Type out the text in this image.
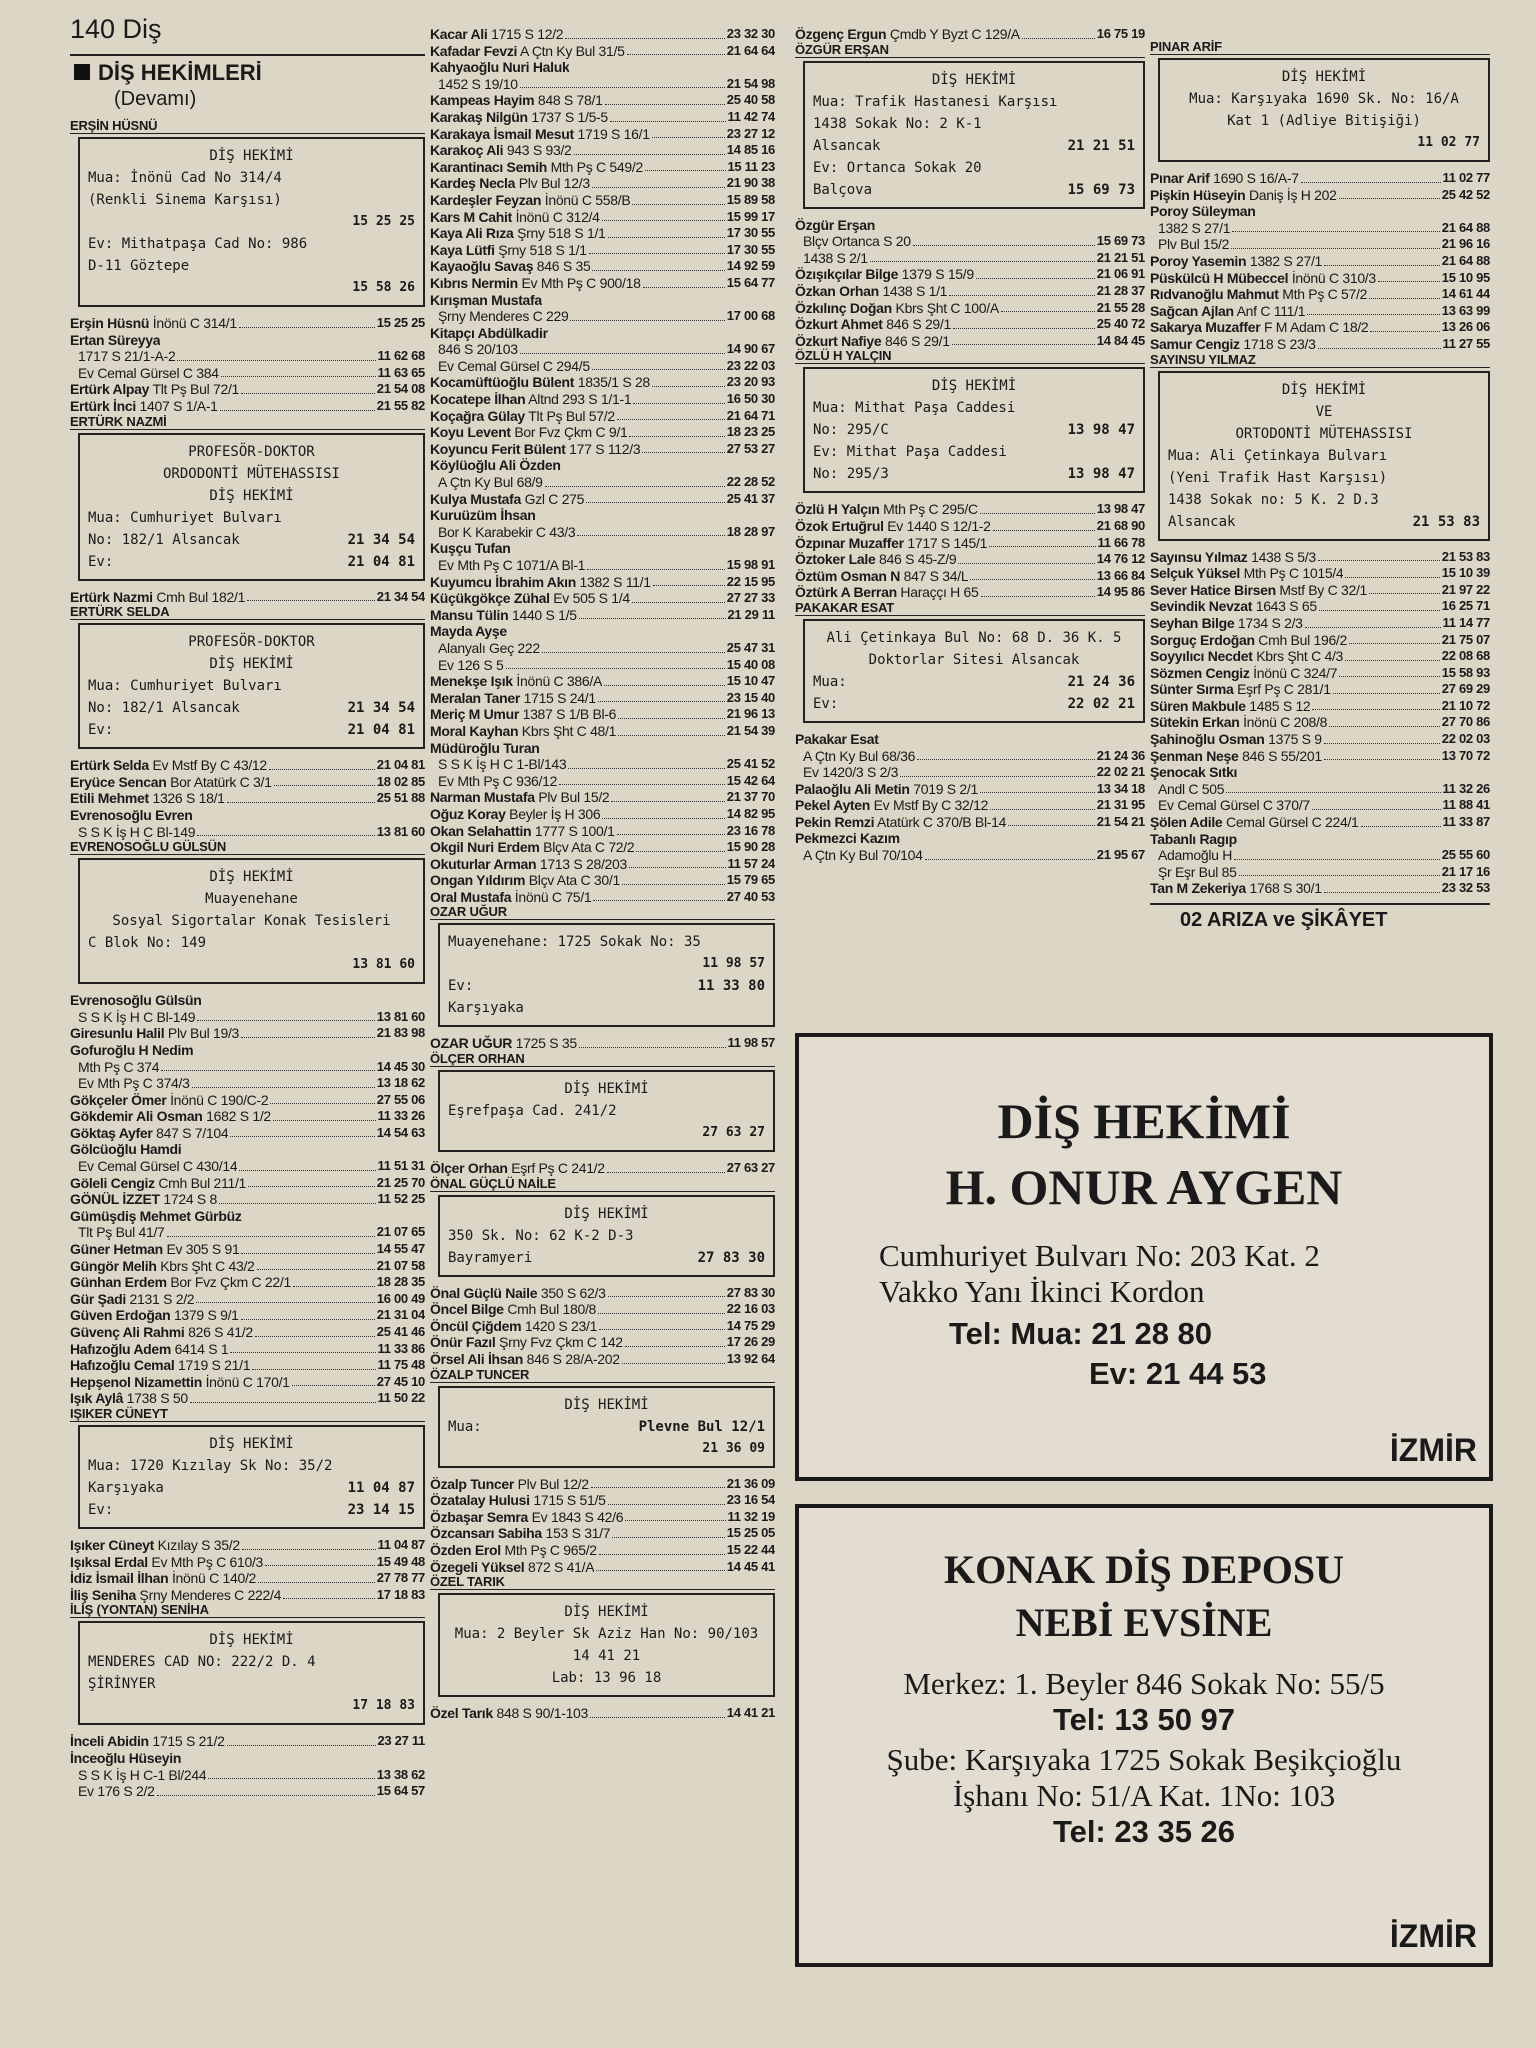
140 Diş
DİŞ HEKİMLERİ
(Devamı)
ERŞİN HÜSNÜ
DİŞ HEKİMİ
Mua: İnönü Cad No 314/4
(Renkli Sinema Karşısı)
15 25 25
Ev: Mithatpaşa Cad No: 986
D-11 Göztepe
15 58 26
Erşin Hüsnü İnönü C 314/1	15 25 25
Ertan Süreyya
1717 S 21/1-A-2	11 62 68
Ev Cemal Gürsel C 384	11 63 65
Ertürk Alpay Tlt Pş Bul 72/1	21 54 08
Ertürk İnci 1407 S 1/A-1	21 55 82
ERTÜRK NAZMİ
PROFESÖR-DOKTOR
ORDODONTİ MÜTEHASSISI
DİŞ HEKİMİ
Mua: Cumhuriyet Bulvarı
No: 182/1 Alsancak	21 34 54
Ev:	21 04 81
Ertürk Nazmi Cmh Bul 182/1	21 34 54
ERTÜRK SELDA
PROFESÖR-DOKTOR
DİŞ HEKİMİ
Mua: Cumhuriyet Bulvarı
No: 182/1 Alsancak	21 34 54
Ev:	21 04 81
Ertürk Selda Ev Mstf By C 43/12	21 04 81
Eryüce Sencan Bor Atatürk C 3/1	18 02 85
Etili Mehmet 1326 S 18/1	25 51 88
Evrenosoğlu Evren
S S K İş H C Bl-149	13 81 60
EVRENOSOĞLU GÜLSÜN
DİŞ HEKİMİ
Muayenehane
Sosyal Sigortalar Konak Tesisleri
C Blok No: 149
13 81 60
Evrenosoğlu Gülsün
S S K İş H C Bl-149	13 81 60
Giresunlu Halil Plv Bul 19/3	21 83 98
Gofuroğlu H Nedim
Mth Pş C 374	14 45 30
Ev Mth Pş C 374/3	13 18 62
Gökçeler Ömer İnönü C 190/C-2	27 55 06
Gökdemir Ali Osman 1682 S 1/2	11 33 26
Göktaş Ayfer 847 S 7/104	14 54 63
Gölcüoğlu Hamdi
Ev Cemal Gürsel C 430/14	11 51 31
Göleli Cengiz Cmh Bul 211/1	21 25 70
GÖNÜL İZZET 1724 S 8	11 52 25
Gümüşdiş Mehmet Gürbüz
Tlt Pş Bul 41/7	21 07 65
Güner Hetman Ev 305 S 91	14 55 47
Güngör Melih Kbrs Şht C 43/2	21 07 58
Günhan Erdem Bor Fvz Çkm C 22/1	18 28 35
Gür Şadi 2131 S 2/2	16 00 49
Güven Erdoğan 1379 S 9/1	21 31 04
Güvenç Ali Rahmi 826 S 41/2	25 41 46
Hafızoğlu Adem 6414 S 1	11 33 86
Hafızoğlu Cemal 1719 S 21/1	11 75 48
Hepşenol Nizamettin İnönü C 170/1	27 45 10
Işık Aylâ 1738 S 50	11 50 22
IŞIKER CÜNEYT
DİŞ HEKİMİ
Mua: 1720 Kızılay Sk No: 35/2
Karşıyaka	11 04 87
Ev:	23 14 15
Işıker Cüneyt Kızılay S 35/2	11 04 87
Işıksal Erdal Ev Mth Pş C 610/3	15 49 48
İdiz İsmail İlhan İnönü C 140/2	27 78 77
İliş Seniha Şrny Menderes C 222/4	17 18 83
İLİŞ (YONTAN) SENİHA
DİŞ HEKİMİ
MENDERES CAD NO: 222/2 D. 4
ŞİRİNYER
17 18 83
İnceli Abidin 1715 S 21/2	23 27 11
İnceoğlu Hüseyin
S S K İş H C-1 Bl/244	13 38 62
Ev 176 S 2/2	15 64 57
Kacar Ali 1715 S 12/2	23 32 30
Kafadar Fevzi A Çtn Ky Bul 31/5	21 64 64
Kahyaoğlu Nuri Haluk
1452 S 19/10	21 54 98
Kampeas Hayim 848 S 78/1	25 40 58
Karakaş Nilgün 1737 S 1/5-5	11 42 74
Karakaya İsmail Mesut 1719 S 16/1	23 27 12
Karakoç Ali 943 S 93/2	14 85 16
Karantinacı Semih Mth Pş C 549/2	15 11 23
Kardeş Necla Plv Bul 12/3	21 90 38
Kardeşler Feyzan İnönü C 558/B	15 89 58
Kars M Cahit İnönü C 312/4	15 99 17
Kaya Ali Rıza Şrny 518 S 1/1	17 30 55
Kaya Lütfi Şrny 518 S 1/1	17 30 55
Kayaoğlu Savaş 846 S 35	14 92 59
Kıbrıs Nermin Ev Mth Pş C 900/18	15 64 77
Kırışman Mustafa
Şrny Menderes C 229	17 00 68
Kitapçı Abdülkadir
846 S 20/103	14 90 67
Ev Cemal Gürsel C 294/5	23 22 03
Kocamüftüoğlu Bülent 1835/1 S 28	23 20 93
Kocatepe İlhan Altnd 293 S 1/1-1	16 50 30
Koçağra Gülay Tlt Pş Bul 57/2	21 64 71
Koyu Levent Bor Fvz Çkm C 9/1	18 23 25
Koyuncu Ferit Bülent 177 S 112/3	27 53 27
Köylüoğlu Ali Özden
A Çtn Ky Bul 68/9	22 28 52
Kulya Mustafa Gzl C 275	25 41 37
Kuruüzüm İhsan
Bor K Karabekir C 43/3	18 28 97
Kuşçu Tufan
Ev Mth Pş C 1071/A Bl-1	15 98 91
Kuyumcu İbrahim Akın 1382 S 11/1	22 15 95
Küçükgökçe Zühal Ev 505 S 1/4	27 27 33
Mansu Tülin 1440 S 1/5	21 29 11
Mayda Ayşe
Alanyalı Geç 222	25 47 31
Ev 126 S 5	15 40 08
Menekşe Işık İnönü C 386/A	15 10 47
Meralan Taner 1715 S 24/1	23 15 40
Meriç M Umur 1387 S 1/B Bl-6	21 96 13
Moral Kayhan Kbrs Şht C 48/1	21 54 39
Müdüroğlu Turan
S S K İş H C 1-Bl/143	25 41 52
Ev Mth Pş C 936/12	15 42 64
Narman Mustafa Plv Bul 15/2	21 37 70
Oğuz Koray Beyler İş H 306	14 82 95
Okan Selahattin 1777 S 100/1	23 16 78
Okgil Nuri Erdem Blçv Ata C 72/2	15 90 28
Okuturlar Arman 1713 S 28/203	11 57 24
Ongan Yıldırım Blçv Ata C 30/1	15 79 65
Oral Mustafa İnönü C 75/1	27 40 53
OZAR UĞUR
Muayenehane: 1725 Sokak No: 35
11 98 57
Ev:	11 33 80
Karşıyaka
OZAR UĞUR 1725 S 35	11 98 57
ÖLÇER ORHAN
DİŞ HEKİMİ
Eşrefpaşa Cad. 241/2
27 63 27
Ölçer Orhan Eşrf Pş C 241/2	27 63 27
ÖNAL GÜÇLÜ NAİLE
DİŞ HEKİMİ
350 Sk. No: 62 K-2 D-3
Bayramyeri	27 83 30
Önal Güçlü Naile 350 S 62/3	27 83 30
Öncel Bilge Cmh Bul 180/8	22 16 03
Öncül Çiğdem 1420 S 23/1	14 75 29
Önür Fazıl Şrny Fvz Çkm C 142	17 26 29
Örsel Ali İhsan 846 S 28/A-202	13 92 64
ÖZALP TUNCER
DİŞ HEKİMİ
Mua:	Plevne Bul 12/1
21 36 09
Özalp Tuncer Plv Bul 12/2	21 36 09
Özatalay Hulusi 1715 S 51/5	23 16 54
Özbaşar Semra Ev 1843 S 42/6	11 32 19
Özcansarı Sabiha 153 S 31/7	15 25 05
Özden Erol Mth Pş C 965/2	15 22 44
Özegeli Yüksel 872 S 41/A	14 45 41
ÖZEL TARIK
DİŞ HEKİMİ
Mua: 2 Beyler Sk Aziz Han No: 90/103
14 41 21
Lab: 13 96 18
Özel Tarık 848 S 90/1-103	14 41 21
Özgenç Ergun Çmdb Y Byzt C 129/A	16 75 19
ÖZGÜR ERŞAN
DİŞ HEKİMİ
Mua: Trafik Hastanesi Karşısı
1438 Sokak No: 2 K-1
Alsancak	21 21 51
Ev: Ortanca Sokak 20
Balçova	15 69 73
Özgür Erşan
Blçv Ortanca S 20	15 69 73
1438 S 2/1	21 21 51
Özışıkçılar Bilge 1379 S 15/9	21 06 91
Özkan Orhan 1438 S 1/1	21 28 37
Özkılınç Doğan Kbrs Şht C 100/A	21 55 28
Özkurt Ahmet 846 S 29/1	25 40 72
Özkurt Nafiye 846 S 29/1	14 84 45
ÖZLÜ H YALÇIN
DİŞ HEKİMİ
Mua: Mithat Paşa Caddesi
No: 295/C	13 98 47
Ev: Mithat Paşa Caddesi
No: 295/3	13 98 47
Özlü H Yalçın Mth Pş C 295/C	13 98 47
Özok Ertuğrul Ev 1440 S 12/1-2	21 68 90
Özpınar Muzaffer 1717 S 145/1	11 66 78
Öztoker Lale 846 S 45-Z/9	14 76 12
Öztüm Osman N 847 S 34/L	13 66 84
Öztürk A Berran Haraççı H 65	14 95 86
PAKAKAR ESAT
Ali Çetinkaya Bul No: 68 D. 36 K. 5
Doktorlar Sitesi Alsancak
Mua:	21 24 36
Ev:	22 02 21
Pakakar Esat
A Çtn Ky Bul 68/36	21 24 36
Ev 1420/3 S 2/3	22 02 21
Palaoğlu Ali Metin 7019 S 2/1	13 34 18
Pekel Ayten Ev Mstf By C 32/12	21 31 95
Pekin Remzi Atatürk C 370/B Bl-14	21 54 21
Pekmezci Kazım
A Çtn Ky Bul 70/104	21 95 67
PINAR ARİF
DİŞ HEKİMİ
Mua: Karşıyaka 1690 Sk. No: 16/A
Kat 1 (Adliye Bitişiği)
11 02 77
Pınar Arif 1690 S 16/A-7	11 02 77
Pişkin Hüseyin Daniş İş H 202	25 42 52
Poroy Süleyman
1382 S 27/1	21 64 88
Plv Bul 15/2	21 96 16
Poroy Yasemin 1382 S 27/1	21 64 88
Püskülcü H Mübeccel İnönü C 310/3	15 10 95
Rıdvanoğlu Mahmut Mth Pş C 57/2	14 61 44
Sağcan Ajlan Anf C 111/1	13 63 99
Sakarya Muzaffer F M Adam C 18/2	13 26 06
Samur Cengiz 1718 S 23/3	11 27 55
SAYINSU YILMAZ
DİŞ HEKİMİ
VE
ORTODONTİ MÜTEHASSISI
Mua: Ali Çetinkaya Bulvarı
(Yeni Trafik Hast Karşısı)
1438 Sokak no: 5 K. 2 D.3
Alsancak	21 53 83
Sayınsu Yılmaz 1438 S 5/3	21 53 83
Selçuk Yüksel Mth Pş C 1015/4	15 10 39
Sever Hatice Birsen Mstf By C 32/1	21 97 22
Sevindik Nevzat 1643 S 65	16 25 71
Seyhan Bilge 1734 S 2/3	11 14 77
Sorguç Erdoğan Cmh Bul 196/2	21 75 07
Soyyılıcı Necdet Kbrs Şht C 4/3	22 08 68
Sözmen Cengiz İnönü C 324/7	15 58 93
Sünter Sırma Eşrf Pş C 281/1	27 69 29
Süren Makbule 1485 S 12	21 10 72
Sütekin Erkan İnönü C 208/8	27 70 86
Şahinoğlu Osman 1375 S 9	22 02 03
Şenman Neşe 846 S 55/201	13 70 72
Şenocak Sıtkı
Andl C 505	11 32 26
Ev Cemal Gürsel C 370/7	11 88 41
Şölen Adile Cemal Gürsel C 224/1	11 33 87
Tabanlı Ragıp
Adamoğlu H	25 55 60
Şr Eşr Bul 85	21 17 16
Tan M Zekeriya 1768 S 30/1	23 32 53
02 ARIZA ve ŞİKÂYET
DİŞ HEKİMİ
H. ONUR AYGEN
Cumhuriyet Bulvarı No: 203 Kat. 2
Vakko Yanı İkinci Kordon
Tel: Mua: 21 28 80
Ev: 21 44 53
İZMİR
KONAK DİŞ DEPOSU
NEBİ EVSİNE
Merkez: 1. Beyler 846 Sokak No: 55/5
Tel: 13 50 97
Şube: Karşıyaka 1725 Sokak Beşikçioğlu
İşhanı No: 51/A Kat. 1No: 103
Tel: 23 35 26
İZMİR
